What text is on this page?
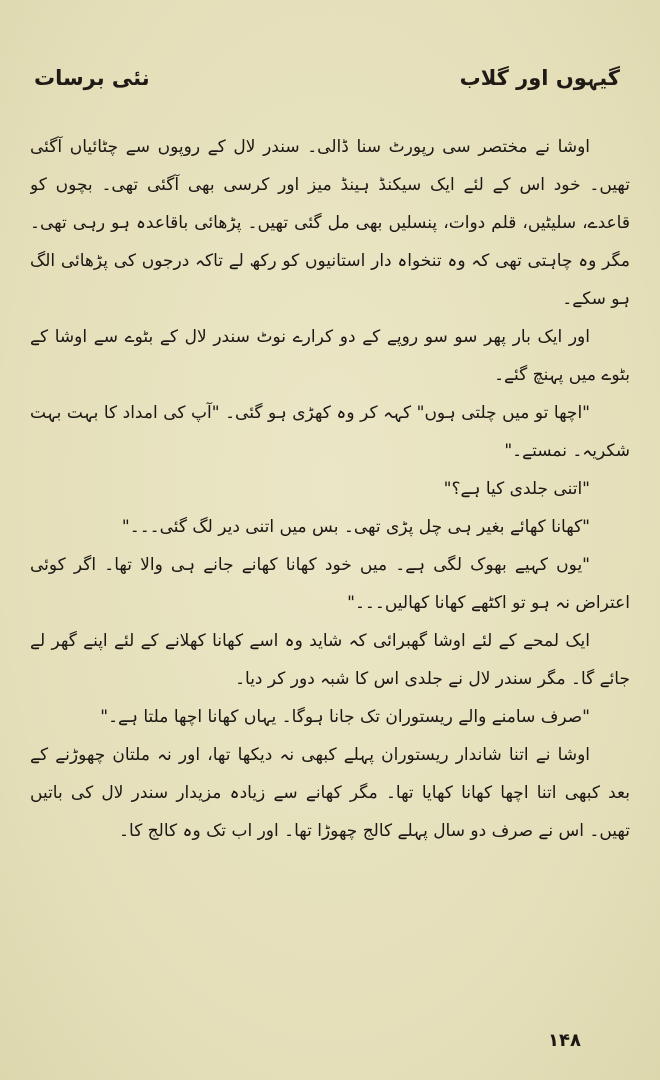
گیہوں اور گلاب
نئی برسات

اوشا نے مختصر سی رپورٹ سنا ڈالی۔ سندر لال کے روپوں سے چٹائیاں آگئی تھیں۔ خود اس کے لئے ایک سیکنڈ ہینڈ میز اور کرسی بھی آگئی تھی۔ بچوں کو قاعدے، سلیٹیں، قلم دوات، پنسلیں بھی مل گئی تھیں۔ پڑھائی باقاعدہ ہو رہی تھی۔ مگر وہ چاہتی تھی کہ وہ تنخواہ دار استانیوں کو رکھ لے تاکہ درجوں کی پڑھائی الگ ہو سکے۔

اور ایک بار پھر سو سو روپے کے دو کرارے نوٹ سندر لال کے بٹوے سے اوشا کے بٹوے میں پہنچ گئے۔

"اچھا تو میں چلتی ہوں" کہہ کر وہ کھڑی ہو گئی۔ "آپ کی امداد کا بہت بہت شکریہ۔ نمستے۔"

"اتنی جلدی کیا ہے؟"

"کھانا کھائے بغیر ہی چل پڑی تھی۔ بس میں اتنی دیر لگ گئی۔۔۔"

"یوں کہیے بھوک لگی ہے۔ میں خود کھانا کھانے جانے ہی والا تھا۔ اگر کوئی اعتراض نہ ہو تو اکٹھے کھانا کھالیں۔۔۔"

ایک لمحے کے لئے اوشا گھبرائی کہ شاید وہ اسے کھانا کھلانے کے لئے اپنے گھر لے جائے گا۔ مگر سندر لال نے جلدی اس کا شبہ دور کر دیا۔

"صرف سامنے والے ریستوران تک جانا ہوگا۔ یہاں کھانا اچھا ملتا ہے۔"

اوشا نے اتنا شاندار ریستوران پہلے کبھی نہ دیکھا تھا، اور نہ ملتان چھوڑنے کے بعد کبھی اتنا اچھا کھانا کھایا تھا۔ مگر کھانے سے زیادہ مزیدار سندر لال کی باتیں تھیں۔ اس نے صرف دو سال پہلے کالج چھوڑا تھا۔ اور اب تک وہ کالج کا۔

۱۴۸
